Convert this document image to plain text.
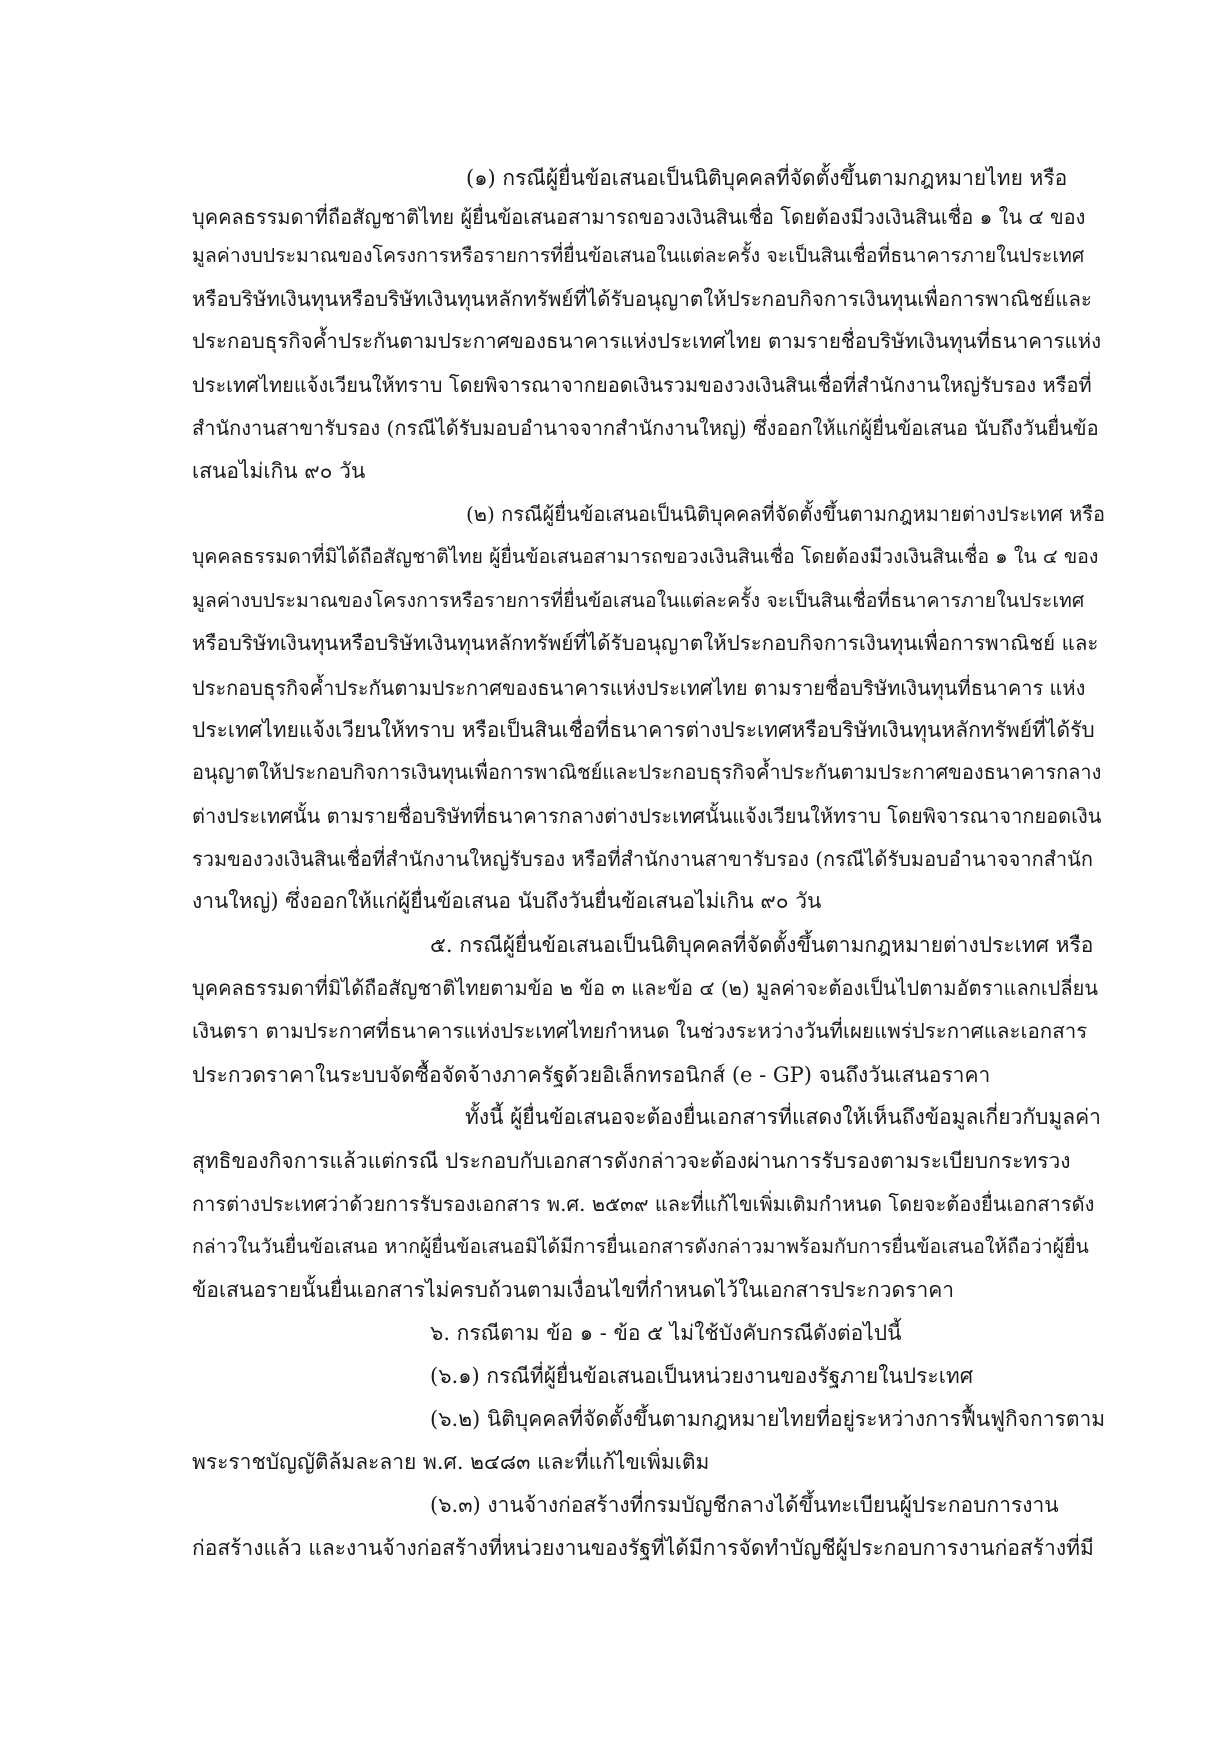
(๑) กรณีผู้ยื่นข้อเสนอเป็นนิติบุคคลที่จัดตั้งขึ้นตามกฎหมายไทย หรือ
บุคคลธรรมดาที่ถือสัญชาติไทย ผู้ยื่นข้อเสนอสามารถขอวงเงินสินเชื่อ โดยต้องมีวงเงินสินเชื่อ ๑ ใน ๔ ของ
มูลค่างบประมาณของโครงการหรือรายการที่ยื่นข้อเสนอในแต่ละครั้ง จะเป็นสินเชื่อที่ธนาคารภายในประเทศ
หรือบริษัทเงินทุนหรือบริษัทเงินทุนหลักทรัพย์ที่ได้รับอนุญาตให้ประกอบกิจการเงินทุนเพื่อการพาณิชย์และ
ประกอบธุรกิจค้ำประกันตามประกาศของธนาคารแห่งประเทศไทย ตามรายชื่อบริษัทเงินทุนที่ธนาคารแห่ง
ประเทศไทยแจ้งเวียนให้ทราบ โดยพิจารณาจากยอดเงินรวมของวงเงินสินเชื่อที่สำนักงานใหญ่รับรอง หรือที่
สำนักงานสาขารับรอง (กรณีได้รับมอบอำนาจจากสำนักงานใหญ่) ซึ่งออกให้แก่ผู้ยื่นข้อเสนอ นับถึงวันยื่นข้อ
เสนอไม่เกิน ๙๐ วัน
(๒) กรณีผู้ยื่นข้อเสนอเป็นนิติบุคคลที่จัดตั้งขึ้นตามกฎหมายต่างประเทศ หรือ
บุคคลธรรมดาที่มิได้ถือสัญชาติไทย ผู้ยื่นข้อเสนอสามารถขอวงเงินสินเชื่อ โดยต้องมีวงเงินสินเชื่อ ๑ ใน ๔ ของ
มูลค่างบประมาณของโครงการหรือรายการที่ยื่นข้อเสนอในแต่ละครั้ง จะเป็นสินเชื่อที่ธนาคารภายในประเทศ
หรือบริษัทเงินทุนหรือบริษัทเงินทุนหลักทรัพย์ที่ได้รับอนุญาตให้ประกอบกิจการเงินทุนเพื่อการพาณิชย์ และ
ประกอบธุรกิจค้ำประกันตามประกาศของธนาคารแห่งประเทศไทย ตามรายชื่อบริษัทเงินทุนที่ธนาคาร แห่ง
ประเทศไทยแจ้งเวียนให้ทราบ หรือเป็นสินเชื่อที่ธนาคารต่างประเทศหรือบริษัทเงินทุนหลักทรัพย์ที่ได้รับ
อนุญาตให้ประกอบกิจการเงินทุนเพื่อการพาณิชย์และประกอบธุรกิจค้ำประกันตามประกาศของธนาคารกลาง
ต่างประเทศนั้น ตามรายชื่อบริษัทที่ธนาคารกลางต่างประเทศนั้นแจ้งเวียนให้ทราบ โดยพิจารณาจากยอดเงิน
รวมของวงเงินสินเชื่อที่สำนักงานใหญ่รับรอง หรือที่สำนักงานสาขารับรอง (กรณีได้รับมอบอำนาจจากสำนัก
งานใหญ่) ซึ่งออกให้แก่ผู้ยื่นข้อเสนอ นับถึงวันยื่นข้อเสนอไม่เกิน ๙๐ วัน
๕. กรณีผู้ยื่นข้อเสนอเป็นนิติบุคคลที่จัดตั้งขึ้นตามกฎหมายต่างประเทศ หรือ
บุคคลธรรมดาที่มิได้ถือสัญชาติไทยตามข้อ ๒ ข้อ ๓ และข้อ ๔ (๒) มูลค่าจะต้องเป็นไปตามอัตราแลกเปลี่ยน
เงินตรา ตามประกาศที่ธนาคารแห่งประเทศไทยกำหนด ในช่วงระหว่างวันที่เผยแพร่ประกาศและเอกสาร
ประกวดราคาในระบบจัดซื้อจัดจ้างภาครัฐด้วยอิเล็กทรอนิกส์ (e - GP) จนถึงวันเสนอราคา
ทั้งนี้ ผู้ยื่นข้อเสนอจะต้องยื่นเอกสารที่แสดงให้เห็นถึงข้อมูลเกี่ยวกับมูลค่า
สุทธิของกิจการแล้วแต่กรณี ประกอบกับเอกสารดังกล่าวจะต้องผ่านการรับรองตามระเบียบกระทรวง
การต่างประเทศว่าด้วยการรับรองเอกสาร พ.ศ. ๒๕๓๙ และที่แก้ไขเพิ่มเติมกำหนด โดยจะต้องยื่นเอกสารดัง
กล่าวในวันยื่นข้อเสนอ หากผู้ยื่นข้อเสนอมิได้มีการยื่นเอกสารดังกล่าวมาพร้อมกับการยื่นข้อเสนอให้ถือว่าผู้ยื่น
ข้อเสนอรายนั้นยื่นเอกสารไม่ครบถ้วนตามเงื่อนไขที่กำหนดไว้ในเอกสารประกวดราคา
๖. กรณีตาม ข้อ ๑ - ข้อ ๕ ไม่ใช้บังคับกรณีดังต่อไปนี้
(๖.๑) กรณีที่ผู้ยื่นข้อเสนอเป็นหน่วยงานของรัฐภายในประเทศ
(๖.๒) นิติบุคคลที่จัดตั้งขึ้นตามกฎหมายไทยที่อยู่ระหว่างการฟื้นฟูกิจการตาม
พระราชบัญญัติล้มละลาย พ.ศ. ๒๔๘๓ และที่แก้ไขเพิ่มเติม
(๖.๓) งานจ้างก่อสร้างที่กรมบัญชีกลางได้ขึ้นทะเบียนผู้ประกอบการงาน
ก่อสร้างแล้ว และงานจ้างก่อสร้างที่หน่วยงานของรัฐที่ได้มีการจัดทำบัญชีผู้ประกอบการงานก่อสร้างที่มี
